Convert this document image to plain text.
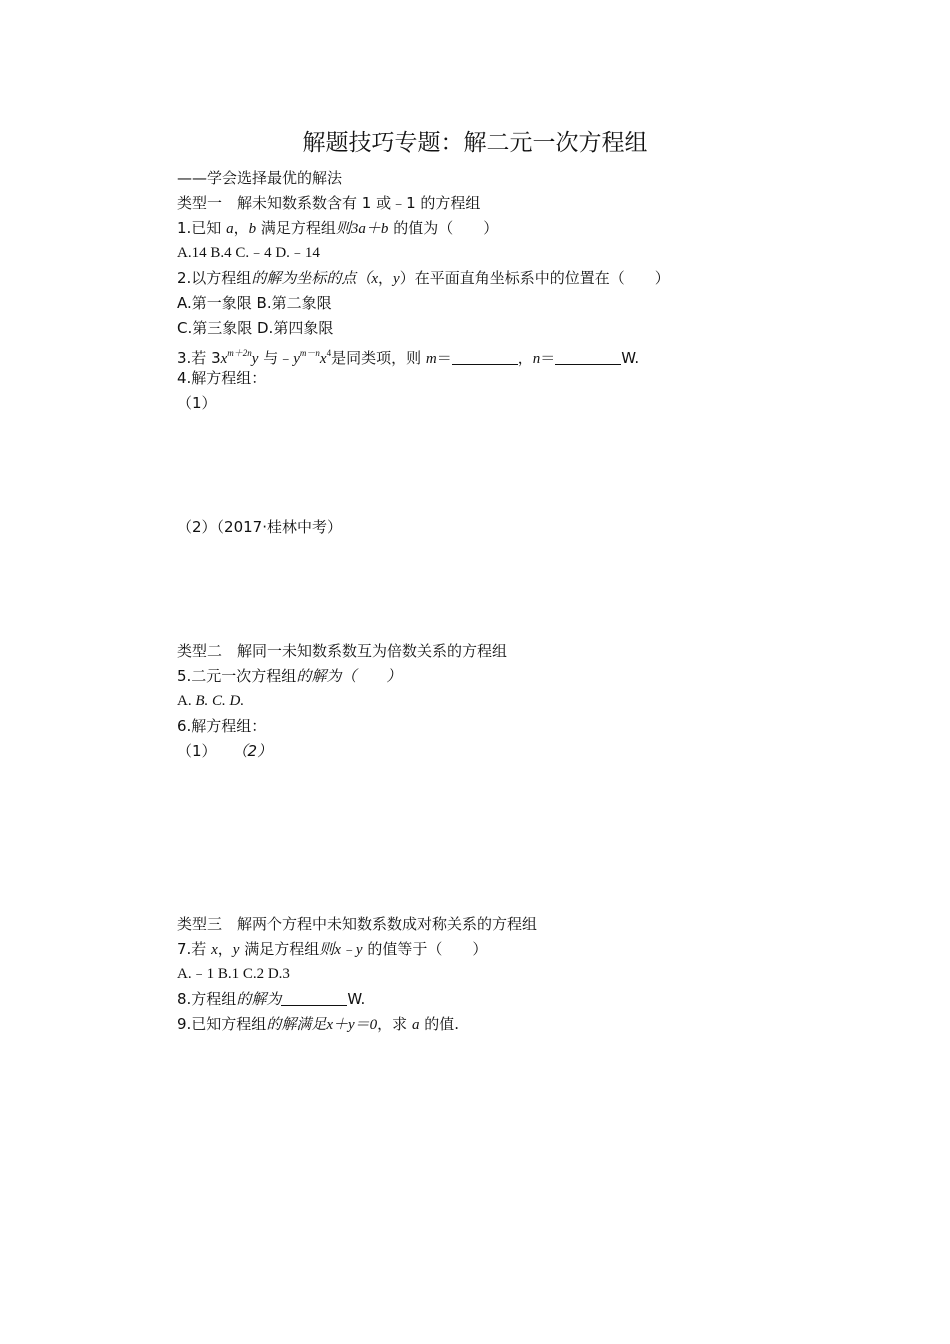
解题技巧专题：解二元一次方程组
——学会选择最优的解法
类型一　解未知数系数含有 1 或﹣1 的方程组
1.已知 a，b 满足方程组则3a＋b 的值为（　　）
A.14 B.4 C.﹣4 D.﹣14
2.以方程组的解为坐标的点（x，y）在平面直角坐标系中的位置在（　　）
A.第一象限 B.第二象限
C.第三象限 D.第四象限
3.若 $3x^{m+2n}y$ 与$﹣y^{m-n}x^4$是同类项，则 m＝	，n＝	W.
4.解方程组：
（1）
（2）（2017·桂林中考）
类型二　解同一未知数系数互为倍数关系的方程组
5.二元一次方程组的解为（　　）
A. B. C. D.
6.解方程组：
（1） （2）
类型三　解两个方程中未知数系数成对称关系的方程组
7.若 x，y 满足方程组则x﹣y 的值等于（　　）
A.﹣1 B.1 C.2 D.3
8.方程组的解为	W.
9.已知方程组的解满足x＋y＝0，求 a 的值.
